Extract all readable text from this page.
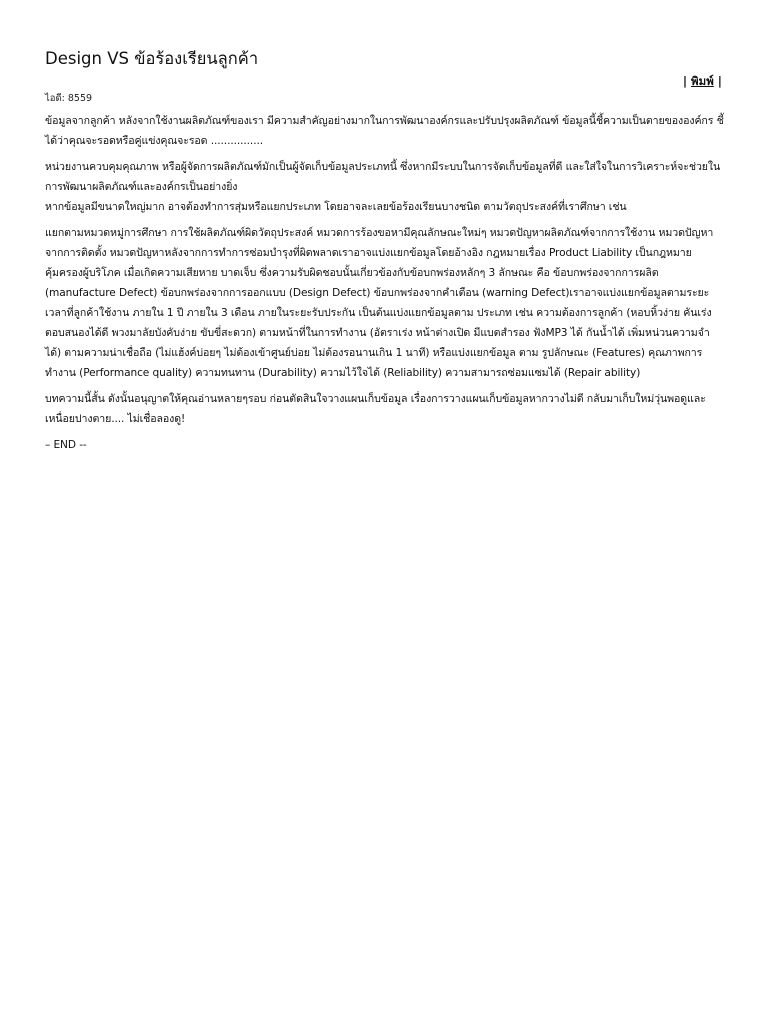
Design VS ข้อร้องเรียนลูกค้า
| พิมพ์ |
ไอดี: 8559

ข้อมูลจากลูกค้า หลังจากใช้งานผลิตภัณฑ์ของเรา มีความสำคัญอย่างมากในการพัฒนาองค์กรและปรับปรุงผลิตภัณฑ์ ข้อมูลนี้ชี้ความเป็นตายขององค์กร ชี้ได้ว่าคุณจะรอดหรือคู่แข่งคุณจะรอด ................

หน่วยงานควบคุมคุณภาพ หรือผู้จัดการผลิตภัณฑ์มักเป็นผู้จัดเก็บข้อมูลประเภทนี้ ซึ่งหากมีระบบในการจัดเก็บข้อมูลที่ดี และใส่ใจในการวิเคราะห์จะช่วยในการพัฒนาผลิตภัณฑ์และองค์กรเป็นอย่างยิ่ง

หากข้อมูลมีขนาดใหญ่มาก อาจต้องทำการสุ่มหรือแยกประเภท โดยอาจละเลยข้อร้องเรียนบางชนิด ตามวัตถุประสงค์ที่เราศึกษา เช่น

แยกตามหมวดหมู่การศึกษา การใช้ผลิตภัณฑ์ผิดวัตถุประสงค์ หมวดการร้องขอหามีคุณลักษณะใหม่ๆ หมวดปัญหาผลิตภัณฑ์จากการใช้งาน หมวดปัญหาจากการติดตั้ง หมวดปัญหาหลังจากการทำการซ่อมบำรุงที่ผิดพลาดเราอาจแบ่งแยกข้อมูลโดยอ้างอิง กฎหมายเรื่อง Product Liability เป็นกฎหมายคุ้มครองผู้บริโภค เมื่อเกิดความเสียหาย บาดเจ็บ ซึ่งความรับผิดชอบนั้นเกี่ยวข้องกับข้อบกพร่องหลักๆ 3 ลักษณะ คือ ข้อบกพร่องจากการผลิต (manufacture Defect) ข้อบกพร่องจากการออกแบบ (Design Defect) ข้อบกพร่องจากคำเตือน (warning Defect)เราอาจแบ่งแยกข้อมูลตามระยะเวลาที่ลูกค้าใช้งาน ภายใน 1 ปี ภายใน 3 เดือน ภายในระยะรับประกัน เป็นต้นแบ่งแยกข้อมูลตาม ประเภท เช่น ความต้องการลูกค้า (หอบหิ้วง่าย คันเร่งตอบสนองได้ดี พวงมาลัยบังคับง่าย ขับขี่สะดวก) ตามหน้าที่ในการทำงาน (อัตราเร่ง หน้าต่างเปิด มีแบตสำรอง ฟังMP3 ได้ กันน้ำได้ เพิ่มหน่วนความจำได้) ตามความน่าเชื่อถือ (ไม่แฮ้งค์บ่อยๆ ไม่ต้องเข้าศูนย์บ่อย ไม่ต้องรอนานเกิน 1 นาที) หรือแบ่งแยกข้อมูล ตาม รูปลักษณะ (Features) คุณภาพการทำงาน (Performance quality) ความทนทาน (Durability) ความไว้ใจได้ (Reliability) ความสามารถซ่อมแซมได้ (Repair ability)

บทความนี้สั้น ดังนั้นอนุญาตให้คุณอ่านหลายๆรอบ ก่อนตัดสินใจวางแผนเก็บข้อมูล เรื่องการวางแผนเก็บข้อมูลหากวางไม่ดี กลับมาเก็บใหม่วุ่นพอดูและเหนื่อยปางตาย.... ไม่เชื่อลองดู!

– END --
